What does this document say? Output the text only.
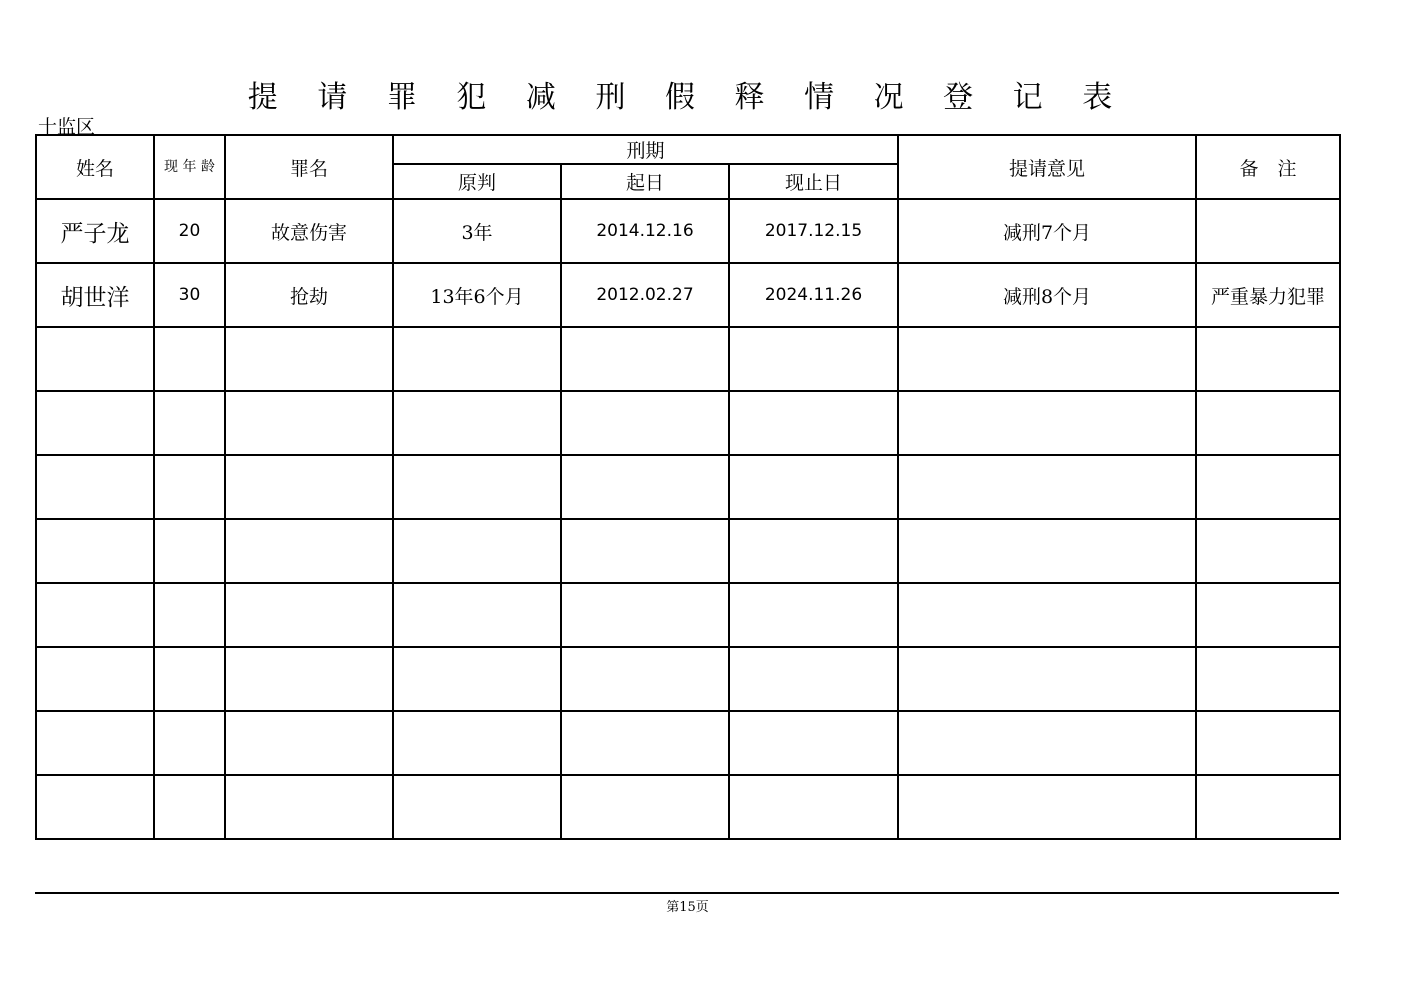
提 请 罪 犯 减 刑 假 释 情 况 登 记 表
十监区
姓名	现 年 龄	罪名	刑期			提请意见	备　注
			原判	起日	现止日		
严子龙	20	故意伤害	3年	2014.12.16	2017.12.15	减刑7个月	
胡世洋	30	抢劫	13年6个月	2012.02.27	2024.11.26	减刑8个月	严重暴力犯罪

第15页
